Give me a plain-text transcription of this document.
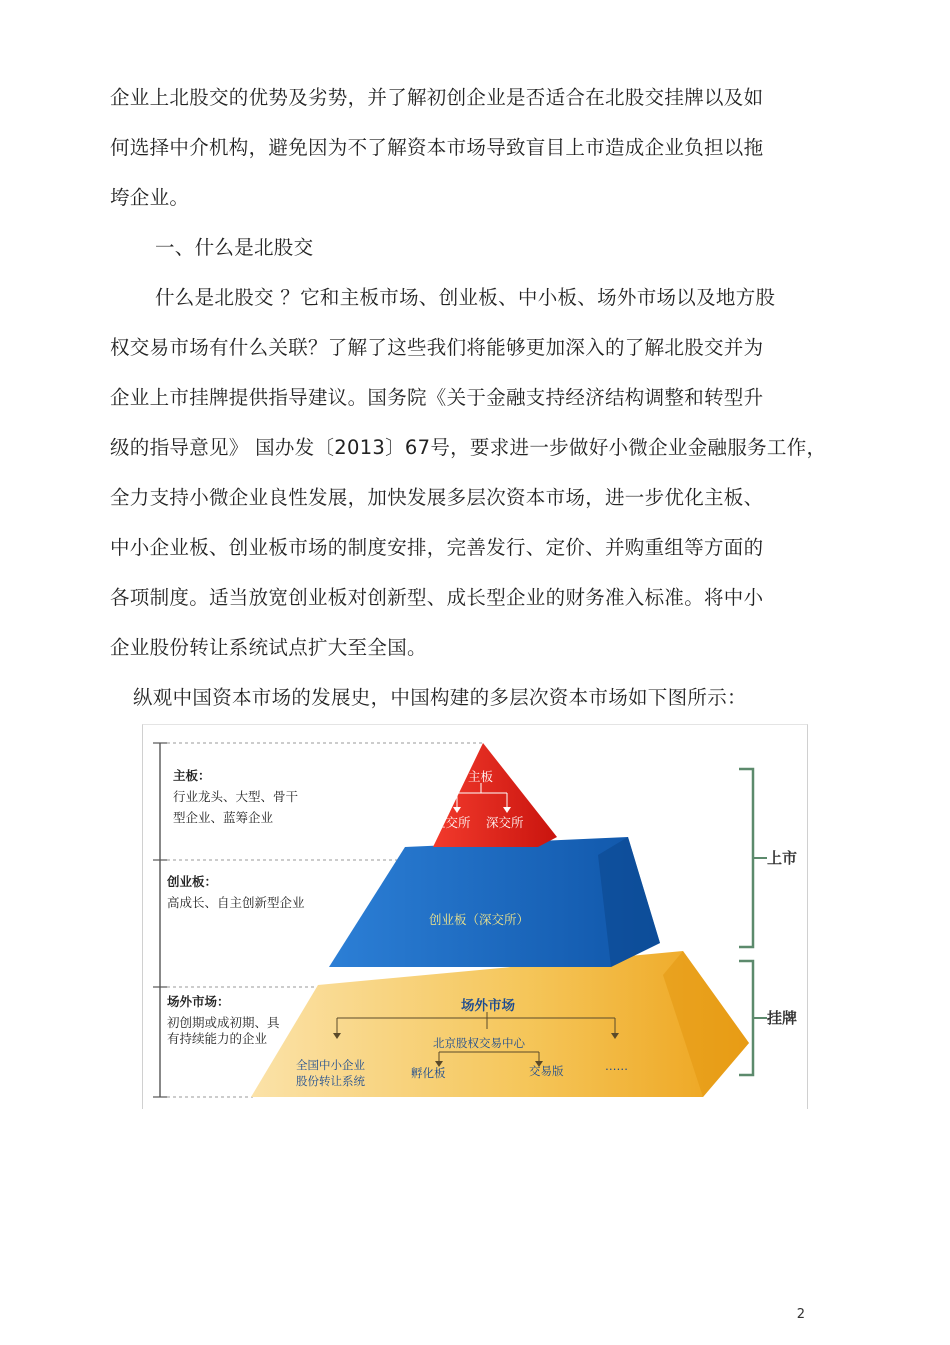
企业上北股交的优势及劣势，并了解初创企业是否适合在北股交挂牌以及如
何选择中介机构，避免因为不了解资本市场导致盲目上市造成企业负担以拖
垮企业。
一、什么是北股交
什么是北股交 ？它和主板市场、创业板、中小板、场外市场以及地方股
权交易市场有什么关联？了解了这些我们将能够更加深入的了解北股交并为
企业上市挂牌提供指导建议。国务院《关于金融支持经济结构调整和转型升
级的指导意见》 国办发〔2013〕67号，要求进一步做好小微企业金融服务工作，
全力支持小微企业良性发展，加快发展多层次资本市场，进一步优化主板、
中小企业板、创业板市场的制度安排，完善发行、定价、并购重组等方面的
各项制度。适当放宽创业板对创新型、成长型企业的财务准入标准。将中小
企业股份转让系统试点扩大至全国。
纵观中国资本市场的发展史，中国构建的多层次资本市场如下图所示：
主板：
行业龙头、大型、骨干
型企业、蓝筹企业
创业板：
高成长、自主创新型企业
场外市场：
初创期或成初期、具
有持续能力的企业
主板
上交所 深交所
创业板（深交所）
场外市场
北京股权交易中心
全国中小企业
股份转让系统
孵化板	交易版	……
上市
挂牌
2
